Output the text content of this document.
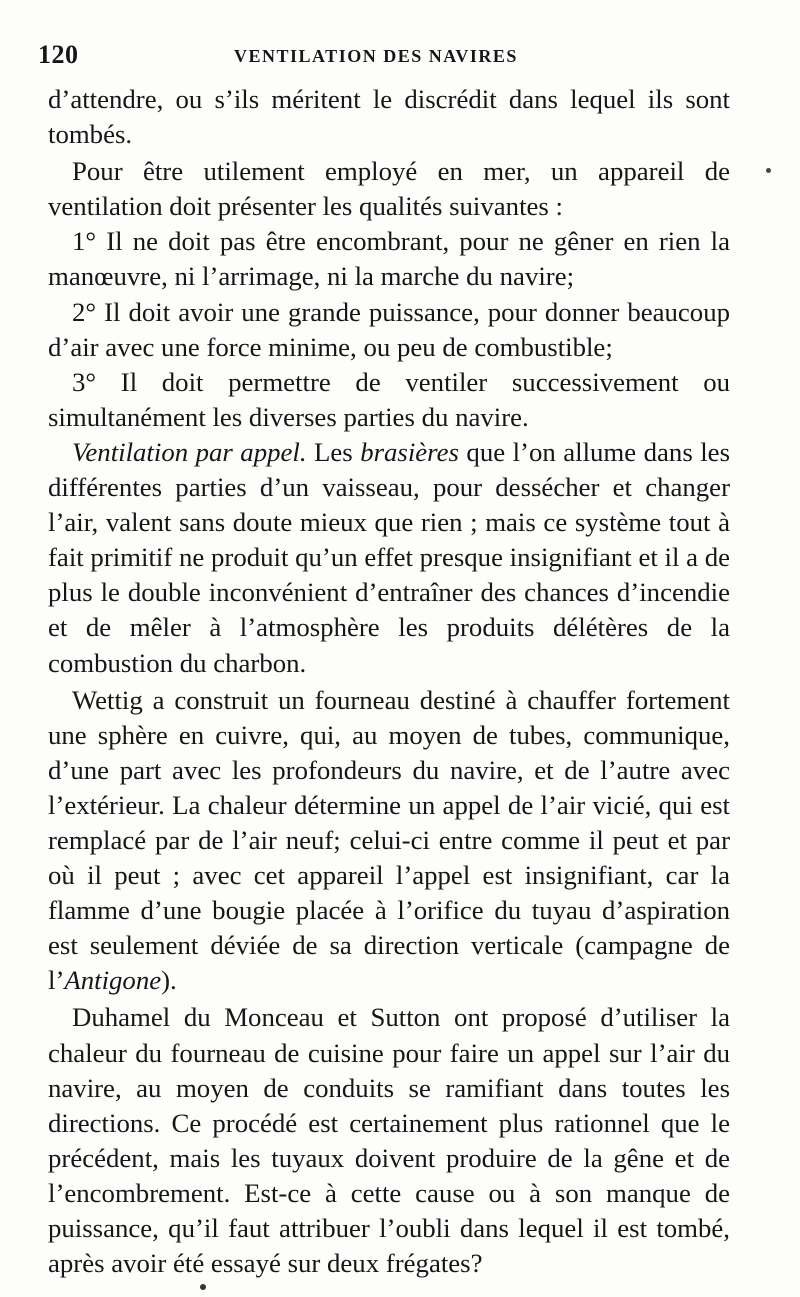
120	VENTILATION DES NAVIRES

d’attendre, ou s’ils méritent le discrédit dans lequel ils sont tombés.

Pour être utilement employé en mer, un appareil de ventilation doit présenter les qualités suivantes :

1° Il ne doit pas être encombrant, pour ne gêner en rien la manœuvre, ni l’arrimage, ni la marche du navire;

2° Il doit avoir une grande puissance, pour donner beaucoup d’air avec une force minime, ou peu de combustible;

3° Il doit permettre de ventiler successivement ou simultanément les diverses parties du navire.

Ventilation par appel. Les brasières que l’on allume dans les différentes parties d’un vaisseau, pour dessécher et changer l’air, valent sans doute mieux que rien ; mais ce système tout à fait primitif ne produit qu’un effet presque insignifiant et il a de plus le double inconvénient d’entraîner des chances d’incendie et de mêler à l’atmosphère les produits délétères de la combustion du charbon.

Wettig a construit un fourneau destiné à chauffer fortement une sphère en cuivre, qui, au moyen de tubes, communique, d’une part avec les profondeurs du navire, et de l’autre avec l’extérieur. La chaleur détermine un appel de l’air vicié, qui est remplacé par de l’air neuf; celui-ci entre comme il peut et par où il peut ; avec cet appareil l’appel est insignifiant, car la flamme d’une bougie placée à l’orifice du tuyau d’aspiration est seulement déviée de sa direction verticale (campagne de l’Antigone).

Duhamel du Monceau et Sutton ont proposé d’utiliser la chaleur du fourneau de cuisine pour faire un appel sur l’air du navire, au moyen de conduits se ramifiant dans toutes les directions. Ce procédé est certainement plus rationnel que le précédent, mais les tuyaux doivent produire de la gêne et de l’encombrement. Est-ce à cette cause ou à son manque de puissance, qu’il faut attribuer l’oubli dans lequel il est tombé, après avoir été essayé sur deux frégates?
